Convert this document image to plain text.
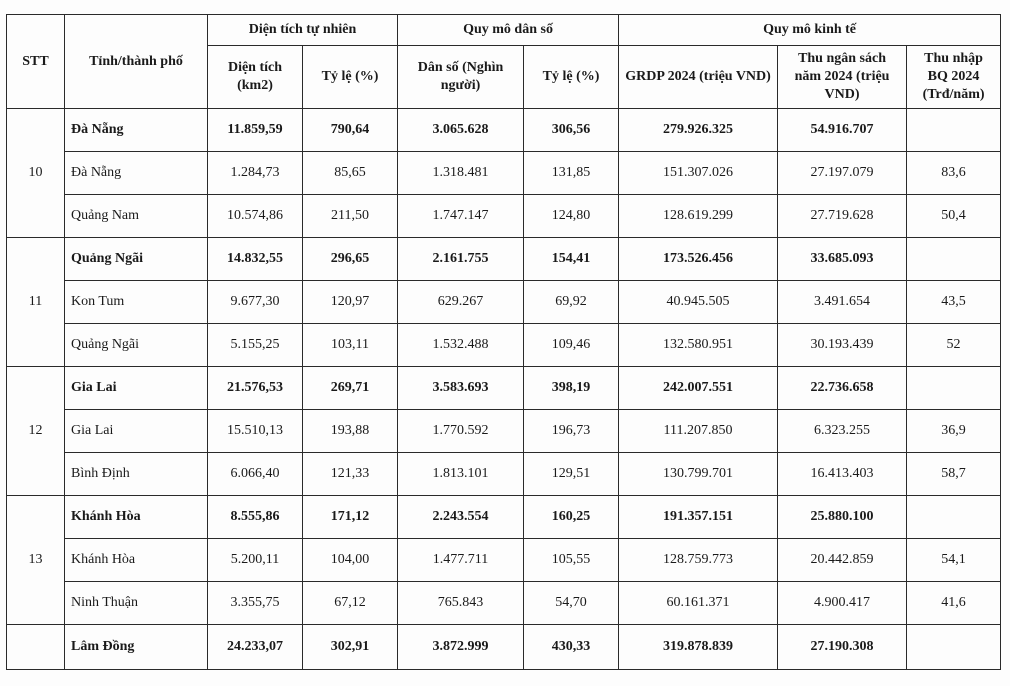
STT	Tỉnh/thành phố	Diện tích tự nhiên		Quy mô dân số		Quy mô kinh tế		
		Diện tích (km2)	Tỷ lệ (%)	Dân số (Nghìn người)	Tỷ lệ (%)	GRDP 2024 (triệu VND)	Thu ngân sách năm 2024 (triệu VND)	Thu nhập BQ 2024 (Trđ/năm)
10	Đà Nẵng	11.859,59	790,64	3.065.628	306,56	279.926.325	54.916.707	
	Đà Nẵng	1.284,73	85,65	1.318.481	131,85	151.307.026	27.197.079	83,6
	Quảng Nam	10.574,86	211,50	1.747.147	124,80	128.619.299	27.719.628	50,4
11	Quảng Ngãi	14.832,55	296,65	2.161.755	154,41	173.526.456	33.685.093	
	Kon Tum	9.677,30	120,97	629.267	69,92	40.945.505	3.491.654	43,5
	Quảng Ngãi	5.155,25	103,11	1.532.488	109,46	132.580.951	30.193.439	52
12	Gia Lai	21.576,53	269,71	3.583.693	398,19	242.007.551	22.736.658	
	Gia Lai	15.510,13	193,88	1.770.592	196,73	111.207.850	6.323.255	36,9
	Bình Định	6.066,40	121,33	1.813.101	129,51	130.799.701	16.413.403	58,7
13	Khánh Hòa	8.555,86	171,12	2.243.554	160,25	191.357.151	25.880.100	
	Khánh Hòa	5.200,11	104,00	1.477.711	105,55	128.759.773	20.442.859	54,1
	Ninh Thuận	3.355,75	67,12	765.843	54,70	60.161.371	4.900.417	41,6
	Lâm Đồng	24.233,07	302,91	3.872.999	430,33	319.878.839	27.190.308	
